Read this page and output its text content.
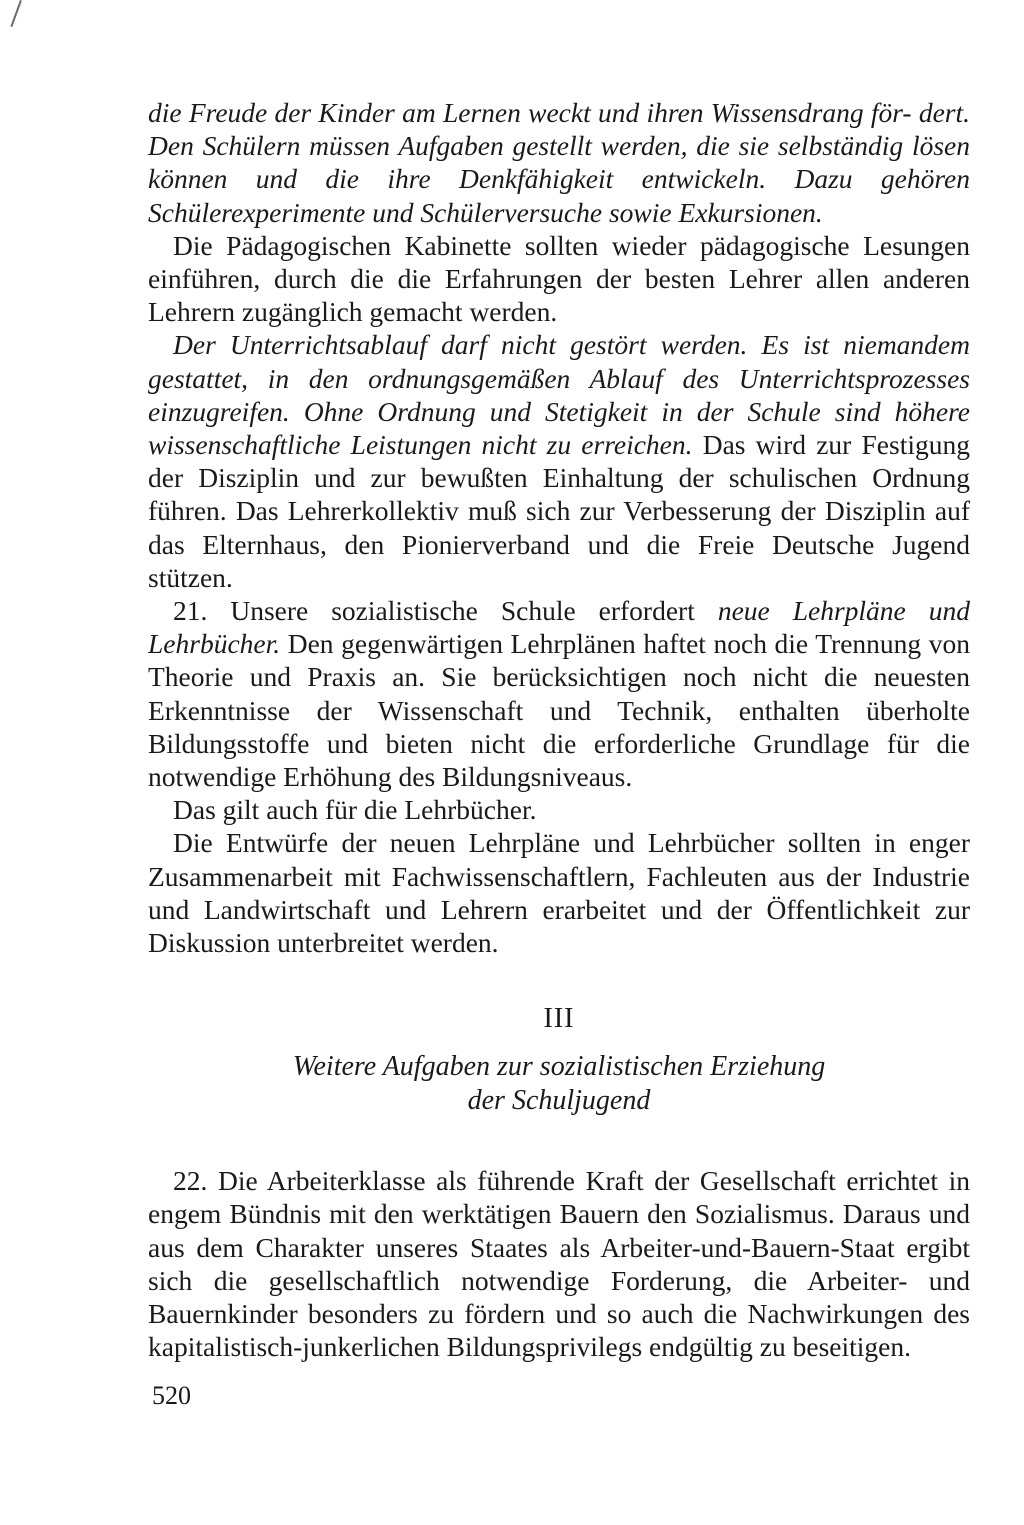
die Freude der Kinder am Lernen weckt und ihren Wissensdrang för- dert. Den Schülern müssen Aufgaben gestellt werden, die sie selbständig lösen können und die ihre Denkfähigkeit entwickeln. Dazu gehören Schülerexperimente und Schülerversuche sowie Exkursionen.

Die Pädagogischen Kabinette sollten wieder pädagogische Lesungen einführen, durch die die Erfahrungen der besten Lehrer allen anderen Lehrern zugänglich gemacht werden.

Der Unterrichtsablauf darf nicht gestört werden. Es ist niemandem gestattet, in den ordnungsgemäßen Ablauf des Unterrichtsprozesses einzugreifen. Ohne Ordnung und Stetigkeit in der Schule sind höhere wissenschaftliche Leistungen nicht zu erreichen. Das wird zur Festigung der Disziplin und zur bewußten Einhaltung der schulischen Ordnung führen. Das Lehrerkollektiv muß sich zur Verbesserung der Disziplin auf das Elternhaus, den Pionierverband und die Freie Deutsche Jugend stützen.

21. Unsere sozialistische Schule erfordert neue Lehrpläne und Lehrbücher. Den gegenwärtigen Lehrplänen haftet noch die Trennung von Theorie und Praxis an. Sie berücksichtigen noch nicht die neuesten Erkenntnisse der Wissenschaft und Technik, enthalten überholte Bildungsstoffe und bieten nicht die erforderliche Grundlage für die notwendige Erhöhung des Bildungsniveaus.

Das gilt auch für die Lehrbücher.

Die Entwürfe der neuen Lehrpläne und Lehrbücher sollten in enger Zusammenarbeit mit Fachwissenschaftlern, Fachleuten aus der Industrie und Landwirtschaft und Lehrern erarbeitet und der Öffentlichkeit zur Diskussion unterbreitet werden.

III
Weitere Aufgaben zur sozialistischen Erziehung
der Schuljugend

22. Die Arbeiterklasse als führende Kraft der Gesellschaft errichtet in engem Bündnis mit den werktätigen Bauern den Sozialismus. Daraus und aus dem Charakter unseres Staates als Arbeiter-und-Bauern-Staat ergibt sich die gesellschaftlich notwendige Forderung, die Arbeiter- und Bauernkinder besonders zu fördern und so auch die Nachwirkungen des kapitalistisch-junkerlichen Bildungsprivilegs endgültig zu beseitigen.

520
